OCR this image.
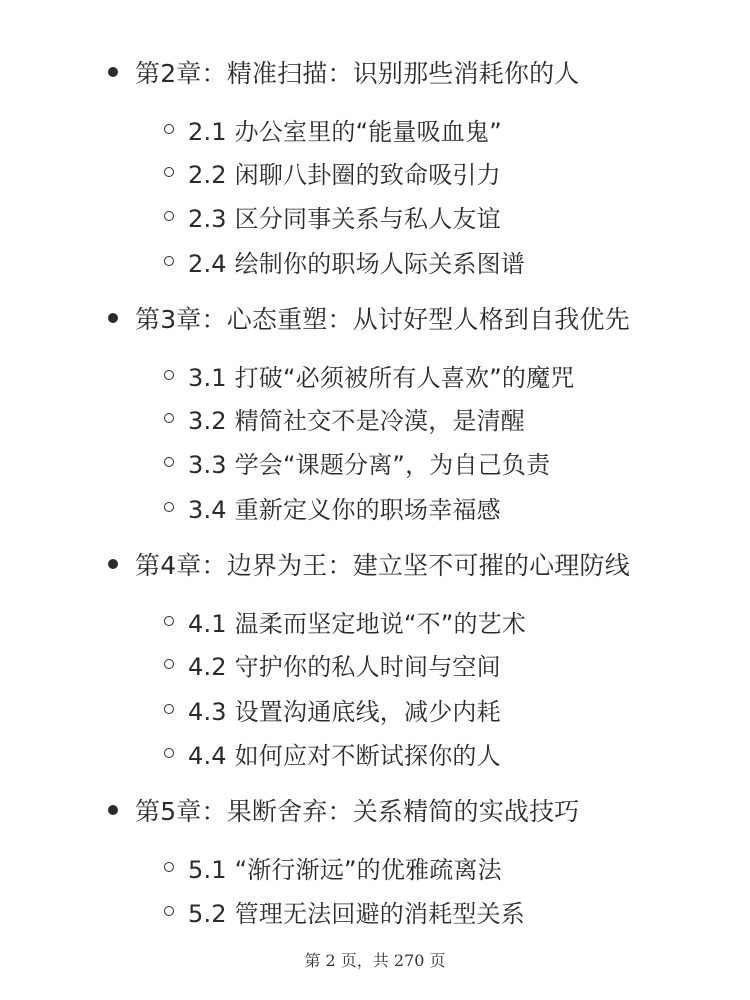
第2章：精准扫描：识别那些消耗你的人
2.1 办公室里的“能量吸血鬼”
2.2 闲聊八卦圈的致命吸引力
2.3 区分同事关系与私人友谊
2.4 绘制你的职场人际关系图谱
第3章：心态重塑：从讨好型人格到自我优先
3.1 打破“必须被所有人喜欢”的魔咒
3.2 精简社交不是冷漠，是清醒
3.3 学会“课题分离”，为自己负责
3.4 重新定义你的职场幸福感
第4章：边界为王：建立坚不可摧的心理防线
4.1 温柔而坚定地说“不”的艺术
4.2 守护你的私人时间与空间
4.3 设置沟通底线，减少内耗
4.4 如何应对不断试探你的人
第5章：果断舍弃：关系精简的实战技巧
5.1 “渐行渐远”的优雅疏离法
5.2 管理无法回避的消耗型关系
第 2 页，共 270 页
